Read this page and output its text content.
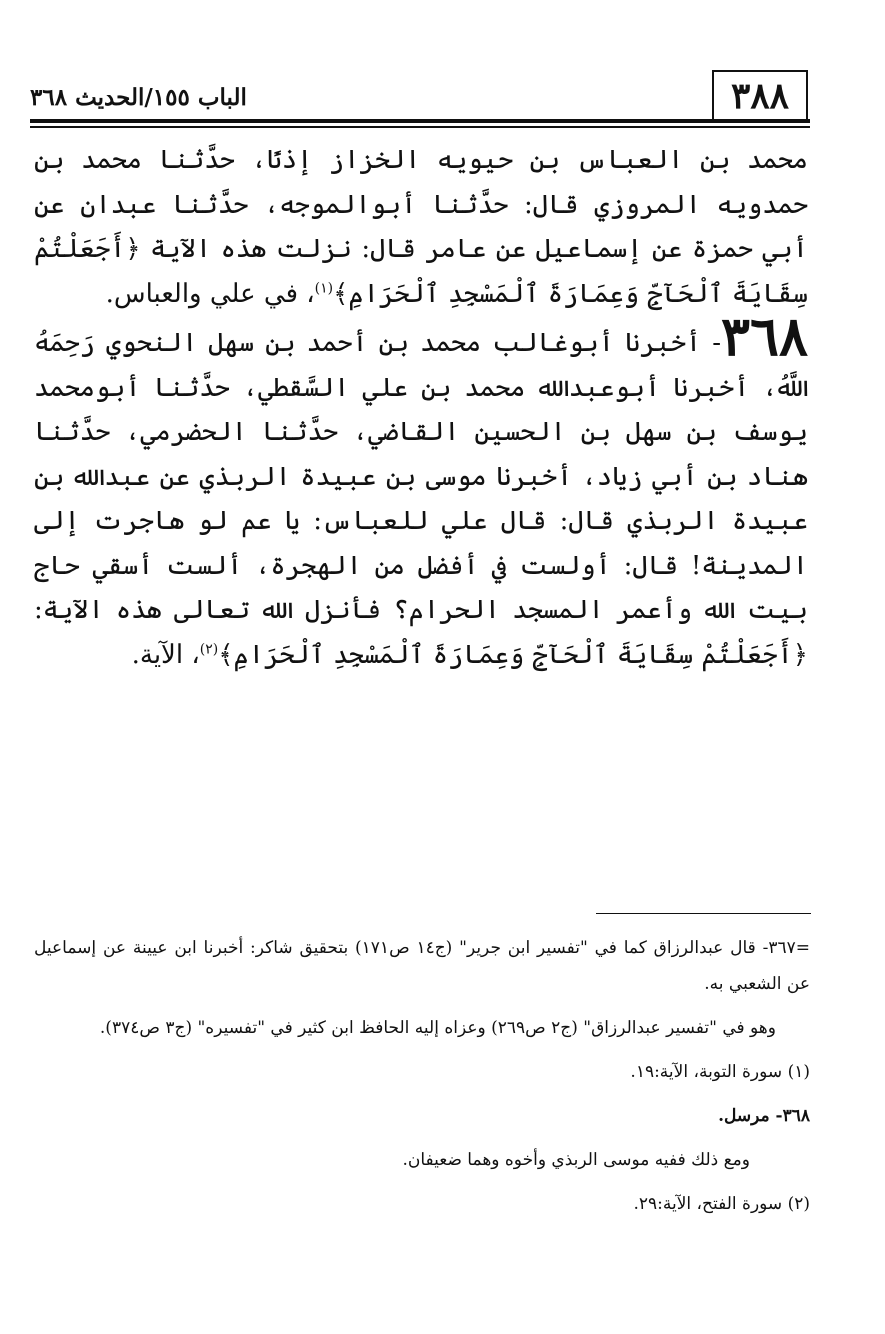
٣٨٨
الباب ١٥٥/الحديث ٣٦٨

محمد بن العباس بن حيويه الخزاز إذنًا، حدَّثنا محمد بن حمدويه المروزي قال: حدَّثنا أبوالموجه، حدَّثنا عبدان عن أبي حمزة عن إسماعيل عن عامر قال: نزلت هذه الآية ﴿أَجَعَلْتُمْ سِقَايَةَ ٱلْحَآجِّ وَعِمَارَةَ ٱلْمَسْجِدِ ٱلْحَرَامِ﴾$^{(١)}$، في علي والعباس.

٣٦٨- أخبرنا أبوغالب محمد بن أحمد بن سهل النحوي رَحِمَهُ اللَّهُ، أخبرنا أبوعبدالله محمد بن علي السَّقطي، حدَّثنا أبومحمد يوسف بن سهل بن الحسين القاضي، حدَّثنا الحضرمي، حدَّثنا هناد بن أبي زياد، أخبرنا موسى بن عبيدة الربذي عن عبدالله بن عبيدة الربذي قال: قال علي للعباس: يا عم لو هاجرت إلى المدينة! قال: أولست في أفضل من الهجرة، ألست أسقي حاج بيت الله وأعمر المسجد الحرام؟ فأنزل الله تعالى هذه الآية: ﴿أَجَعَلْتُمْ سِقَايَةَ ٱلْحَآجِّ وَعِمَارَةَ ٱلْمَسْجِدِ ٱلْحَرَامِ﴾$^{(٢)}$، الآية.

=٣٦٧- قال عبدالرزاق كما في "تفسير ابن جرير" (ج١٤ ص١٧١) بتحقيق شاكر: أخبرنا ابن عيينة عن إسماعيل عن الشعبي به.

وهو في "تفسير عبدالرزاق" (ج٢ ص٢٦٩) وعزاه إليه الحافظ ابن كثير في "تفسيره" (ج٣ ص٣٧٤).

(١) سورة التوبة، الآية:١٩.

٣٦٨- مرسل.

ومع ذلك ففيه موسى الربذي وأخوه وهما ضعيفان.

(٢) سورة الفتح، الآية:٢٩.
